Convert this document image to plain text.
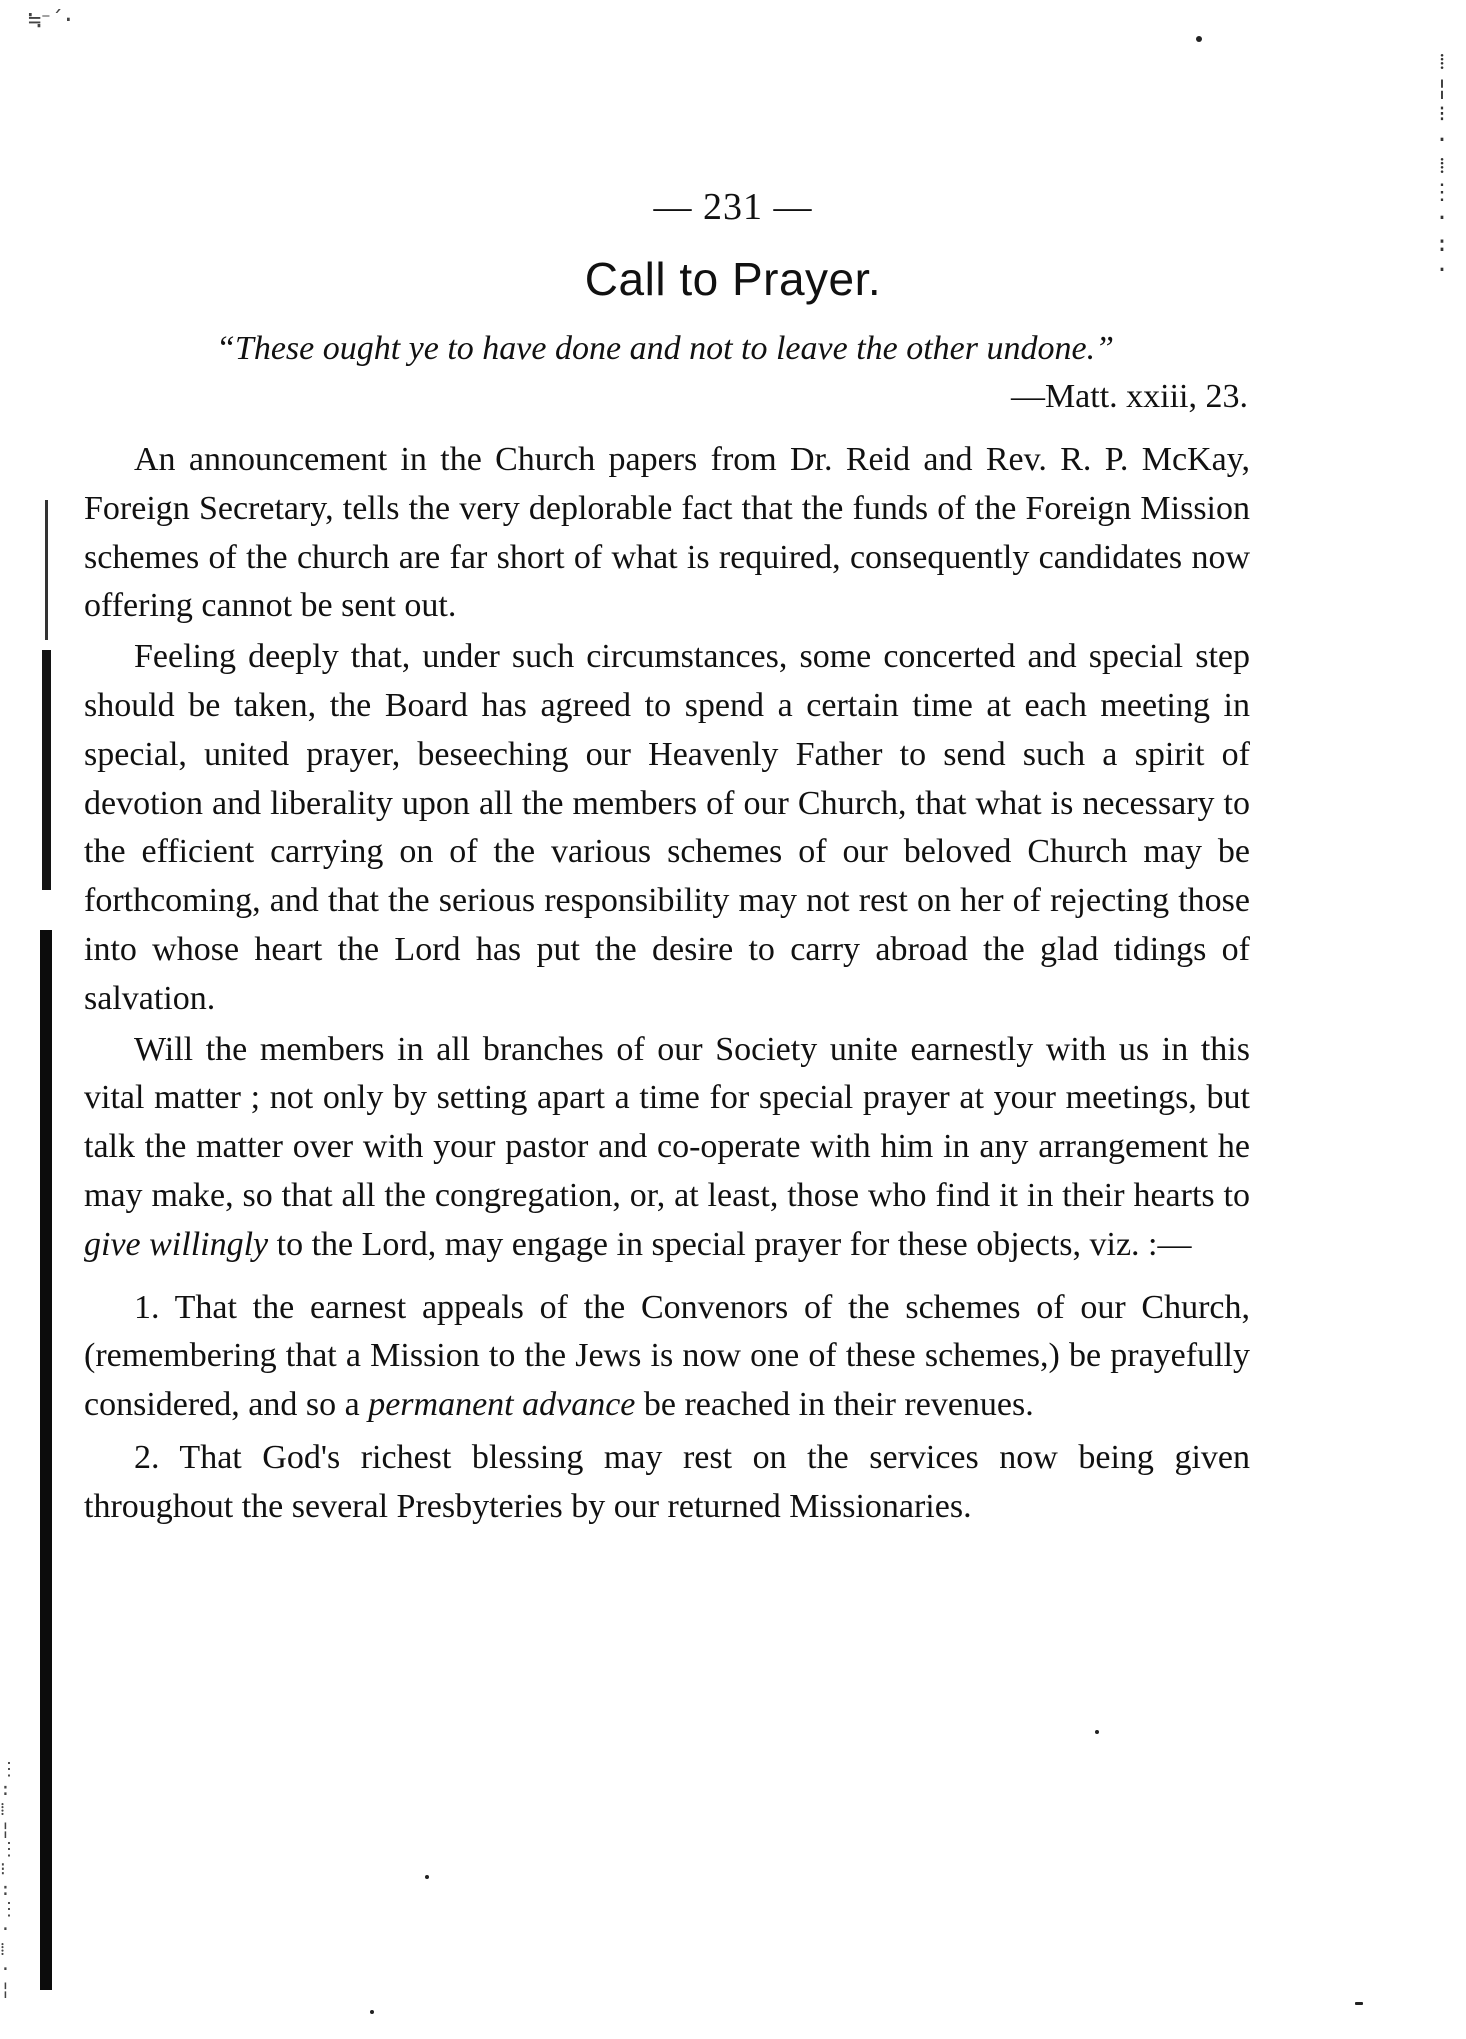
≒⁻´·
⁞
¦
⁝
·
⁞
⋮
·
:
·
⋮
:
⁞
¦
⋮
⁝
:
⋮
·
⁞
·
¦
— 231 —
Call to Prayer.
“These ought ye to have done and not to leave the other undone.”
—Matt. xxiii, 23.

An announcement in the Church papers from Dr. Reid and Rev. R. P. McKay, Foreign Secretary, tells the very deplorable fact that the funds of the Foreign Mission schemes of the church are far short of what is required, consequently candidates now offering cannot be sent out.

Feeling deeply that, under such circumstances, some concerted and special step should be taken, the Board has agreed to spend a certain time at each meeting in special, united prayer, beseeching our Heavenly Father to send such a spirit of devotion and liberality upon all the members of our Church, that what is necessary to the efficient carrying on of the various schemes of our beloved Church may be forthcoming, and that the serious responsibility may not rest on her of rejecting those into whose heart the Lord has put the desire to carry abroad the glad tidings of salvation.

Will the members in all branches of our Society unite earnestly with us in this vital matter ; not only by setting apart a time for special prayer at your meetings, but talk the matter over with your pastor and co-operate with him in any arrangement he may make, so that all the congregation, or, at least, those who find it in their hearts to give willingly to the Lord, may engage in special prayer for these objects, viz. :—

1. That the earnest appeals of the Convenors of the schemes of our Church, (remembering that a Mission to the Jews is now one of these schemes,) be prayefully considered, and so a permanent advance be reached in their revenues.

2. That God's richest blessing may rest on the services now being given throughout the several Presbyteries by our returned Missionaries.
